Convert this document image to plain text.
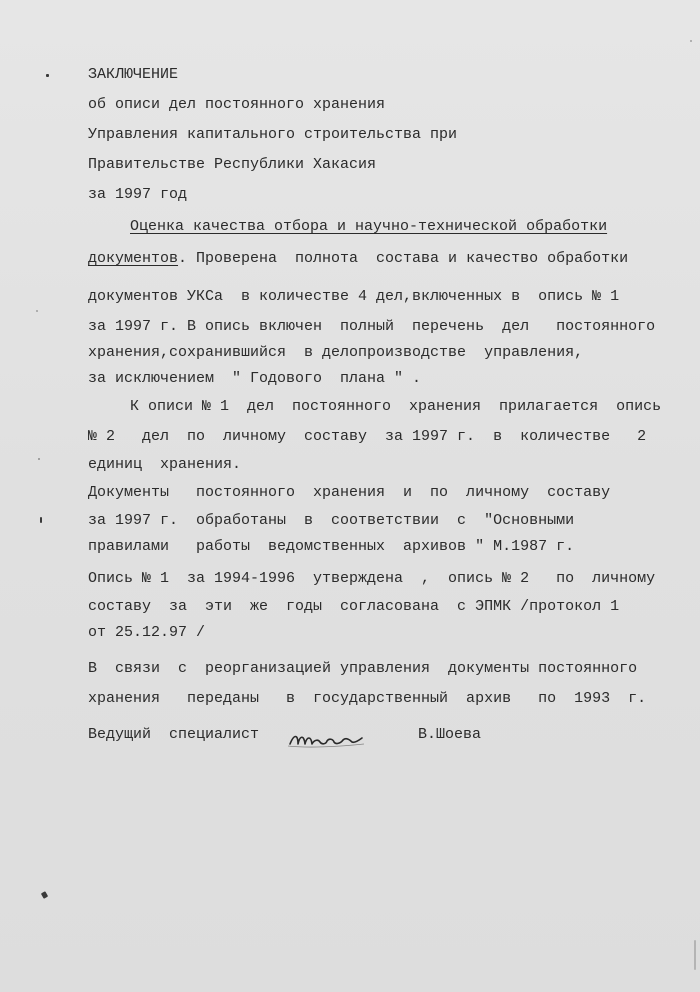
ЗАКЛЮЧЕНИЕ
об описи дел постоянного хранения
Управления капитального строительства при
Правительстве Республики Хакасия
за 1997 год
Оценка качества отбора и научно-технической обработки
документов. Проверена  полнота  состава и качество обработки
документов УКСа  в количестве 4 дел,включенных в  опись № 1
за 1997 г. В опись включен  полный  перечень  дел   постоянного
хранения,сохранившийся  в делопроизводстве  управления,
за исключением  " Годового  плана " .
К описи № 1  дел  постоянного  хранения  прилагается  опись
№ 2   дел  по  личному  составу  за 1997 г.  в  количестве   2
единиц  хранения.
Документы   постоянного  хранения  и  по  личному  составу
за 1997 г.  обработаны  в  соответствии  с  "Основными
правилами   работы  ведомственных  архивов " М.1987 г.
Опись № 1  за 1994-1996  утверждена  ,  опись № 2   по  личному
составу  за  эти  же  годы  согласована  с ЭПМК /протокол 1
от 25.12.97 /
В  связи  с  реорганизацией управления  документы постоянного
хранения   переданы   в  государственный  архив   по  1993  г.
Ведущий  специалист	В.Шоева
